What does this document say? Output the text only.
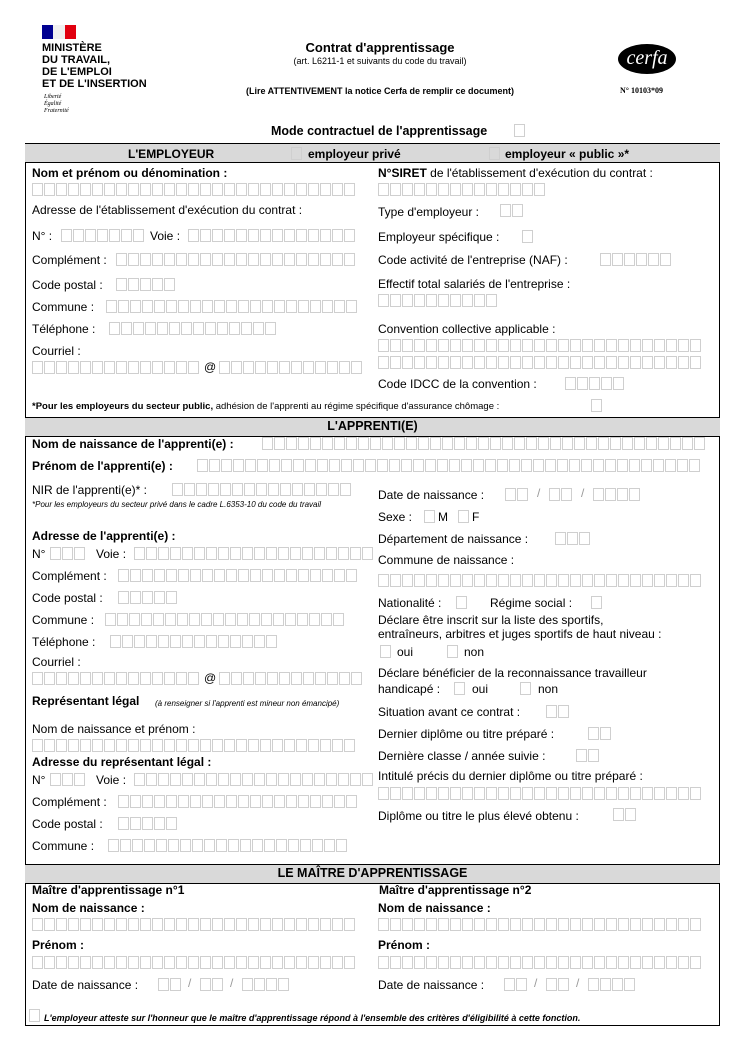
MINISTÈRE
DU TRAVAIL,
DE L'EMPLOI
ET DE L'INSERTION
Liberté
Égalité
Fraternité
Contrat d'apprentissage
(art. L6211-1 et suivants du code du travail)
(Lire ATTENTIVEMENT la notice Cerfa de remplir ce document)
cerfa
N° 10103*09
Mode contractuel de l'apprentissage
L'EMPLOYEUR	employeur privé	employeur « public »*
Nom et prénom ou dénomination :
Adresse de l'établissement d'exécution du contrat :
N° :	Voie :
Complément :
Code postal :
Commune :
Téléphone :
Courriel :
@
N°SIRET de l'établissement d'exécution du contrat :
Type d'employeur :
Employeur spécifique :
Code activité de l'entreprise (NAF) :
Effectif total salariés de l'entreprise :
Convention collective applicable :
Code IDCC de la convention :
*Pour les employeurs du secteur public, adhésion de l'apprenti au régime spécifique d'assurance chômage :
L'APPRENTI(E)
Nom de naissance de l'apprenti(e) :
Prénom de l'apprenti(e) :
NIR de l'apprenti(e)* :
*Pour les employeurs du secteur privé dans le cadre L.6353-10 du code du travail
Adresse de l'apprenti(e) :
N°	Voie :
Complément :
Code postal :
Commune :
Téléphone :
Courriel :
@
Représentant légal	(à renseigner si l'apprenti est mineur non émancipé)
Nom de naissance et prénom :
Adresse du représentant légal :
N°	Voie :
Complément :
Code postal :
Commune :
Date de naissance :	/	/
Sexe : M F
Département de naissance :
Commune de naissance :
Nationalité :	Régime social :
Déclare être inscrit sur la liste des sportifs,
entraîneurs, arbitres et juges sportifs de haut niveau :
oui	non
Déclare bénéficier de la reconnaissance travailleur
handicapé :	oui	non
Situation avant ce contrat :
Dernier diplôme ou titre préparé :
Dernière classe / année suivie :
Intitulé précis du dernier diplôme ou titre préparé :
Diplôme ou titre le plus élevé obtenu :
LE MAÎTRE D'APPRENTISSAGE
Maître d'apprentissage n°1
Nom de naissance :
Prénom :
Date de naissance :	/	/
Maître d'apprentissage n°2
Nom de naissance :
Prénom :
Date de naissance :	/	/
L'employeur atteste sur l'honneur que le maître d'apprentissage répond à l'ensemble des critères d'éligibilité à cette fonction.
